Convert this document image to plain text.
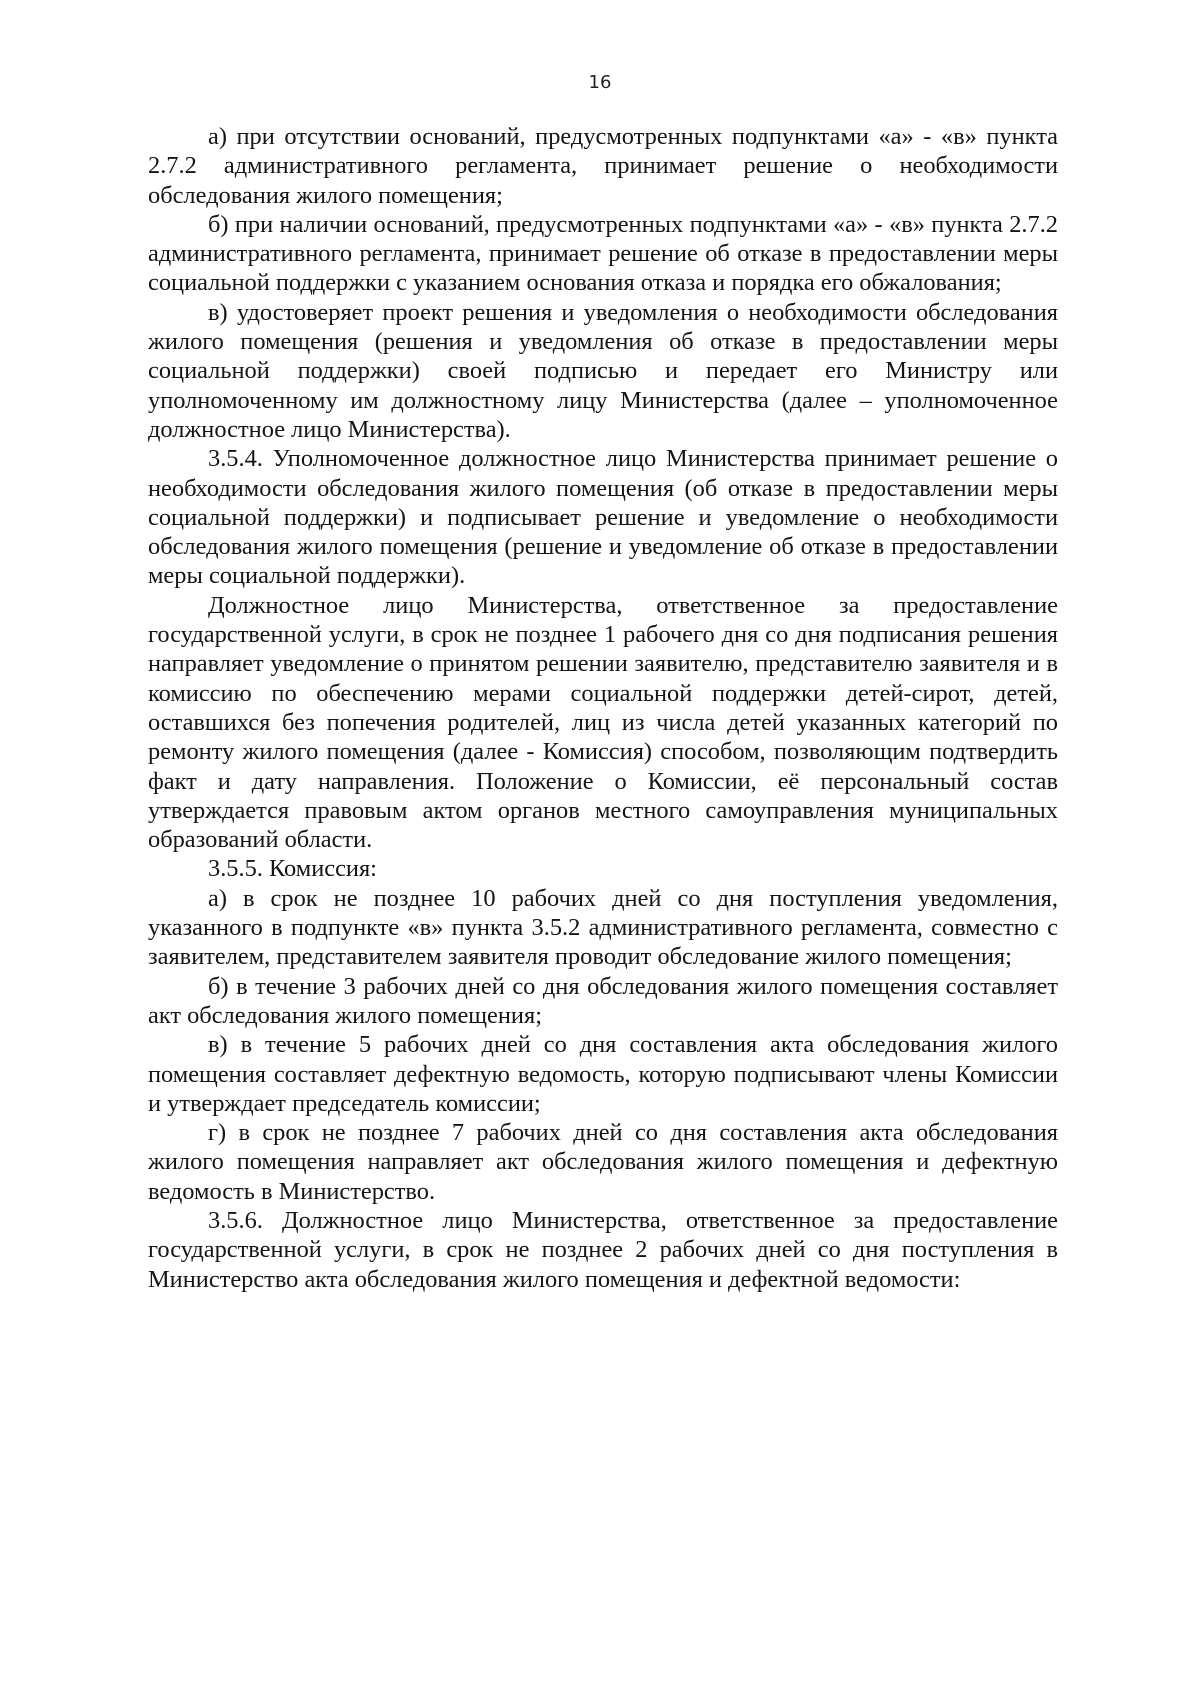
16

а) при отсутствии оснований, предусмотренных подпунктами «а» - «в» пункта 2.7.2 административного регламента, принимает решение о необходимости обследования жилого помещения;

б) при наличии оснований, предусмотренных подпунктами «а» - «в» пункта 2.7.2 административного регламента, принимает решение об отказе в предоставлении меры социальной поддержки с указанием основания отказа и порядка его обжалования;

в) удостоверяет проект решения и уведомления о необходимости обследования жилого помещения (решения и уведомления об отказе в предоставлении меры социальной поддержки) своей подписью и передает его Министру или уполномоченному им должностному лицу Министерства (далее – уполномоченное должностное лицо Министерства).

3.5.4. Уполномоченное должностное лицо Министерства принимает решение о необходимости обследования жилого помещения (об отказе в предоставлении меры социальной поддержки) и подписывает решение и уведомление о необходимости обследования жилого помещения (решение и уведомление об отказе в предоставлении меры социальной поддержки).

Должностное лицо Министерства, ответственное за предоставление государственной услуги, в срок не позднее 1 рабочего дня со дня подписания решения направляет уведомление о принятом решении заявителю, представителю заявителя и в комиссию по обеспечению мерами социальной поддержки детей-сирот, детей, оставшихся без попечения родителей, лиц из числа детей указанных категорий по ремонту жилого помещения (далее - Комиссия) способом, позволяющим подтвердить факт и дату направления. Положение о Комиссии, её персональный состав утверждается правовым актом органов местного самоуправления муниципальных образований области.

3.5.5. Комиссия:

а) в срок не позднее 10 рабочих дней со дня поступления уведомления, указанного в подпункте «в» пункта 3.5.2 административного регламента, совместно с заявителем, представителем заявителя проводит обследование жилого помещения;

б) в течение 3 рабочих дней со дня обследования жилого помещения составляет акт обследования жилого помещения;

в) в течение 5 рабочих дней со дня составления акта обследования жилого помещения составляет дефектную ведомость, которую подписывают члены Комиссии и утверждает председатель комиссии;

г) в срок не позднее 7 рабочих дней со дня составления акта обследования жилого помещения направляет акт обследования жилого помещения и дефектную ведомость в Министерство.

3.5.6. Должностное лицо Министерства, ответственное за предоставление государственной услуги, в срок не позднее 2 рабочих дней со дня поступления в Министерство акта обследования жилого помещения и дефектной ведомости:
